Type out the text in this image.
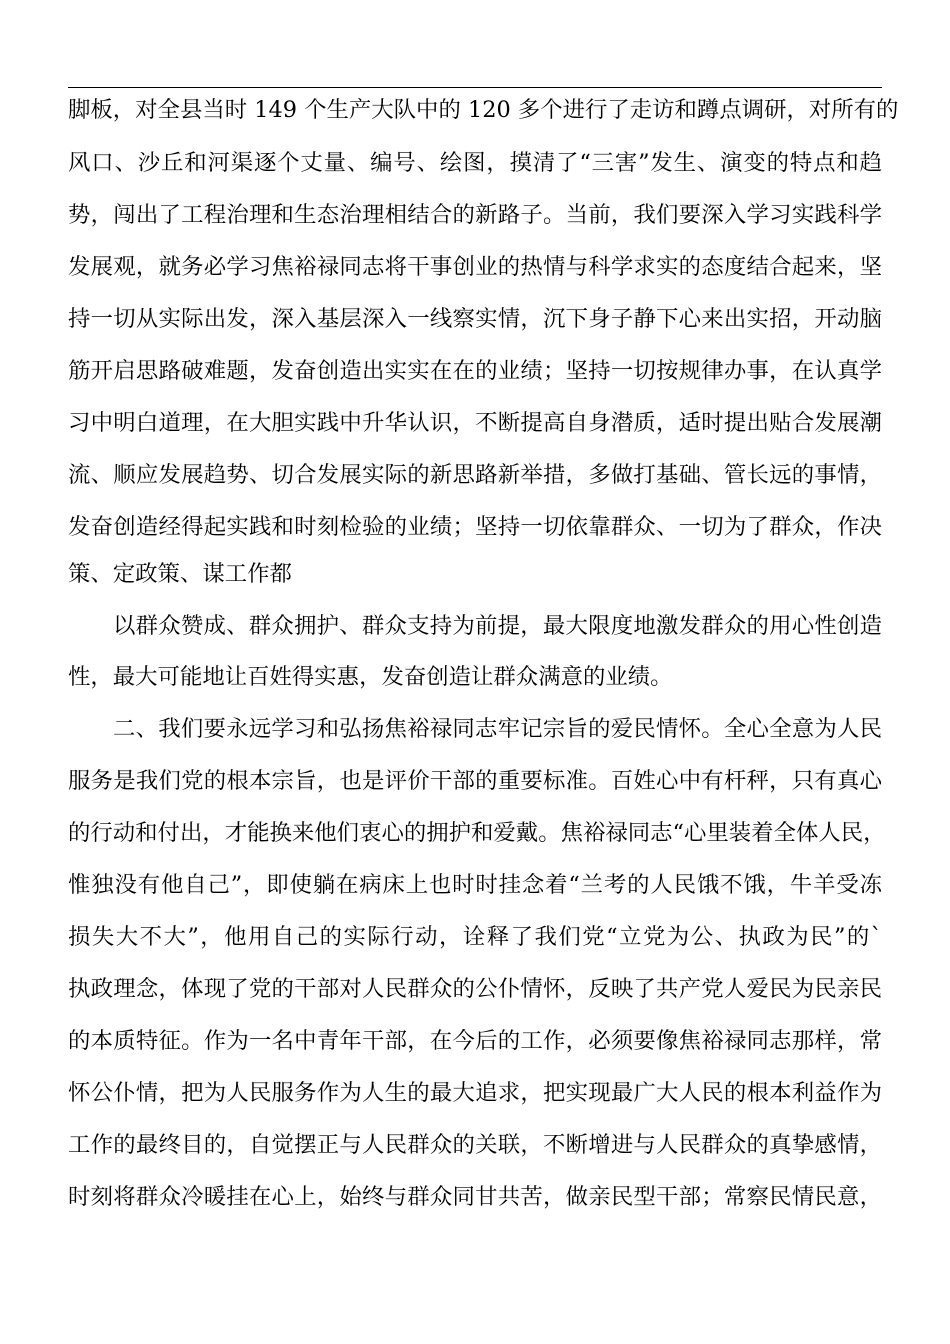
脚板，对全县当时 149 个生产大队中的 120 多个进行了走访和蹲点调研，对所有的
风口、沙丘和河渠逐个丈量、编号、绘图，摸清了“三害”发生、演变的特点和趋
势，闯出了工程治理和生态治理相结合的新路子。当前，我们要深入学习实践科学
发展观，就务必学习焦裕禄同志将干事创业的热情与科学求实的态度结合起来，坚
持一切从实际出发，深入基层深入一线察实情，沉下身子静下心来出实招，开动脑
筋开启思路破难题，发奋创造出实实在在的业绩；坚持一切按规律办事，在认真学
习中明白道理，在大胆实践中升华认识，不断提高自身潜质，适时提出贴合发展潮
流、顺应发展趋势、切合发展实际的新思路新举措，多做打基础、管长远的事情，
发奋创造经得起实践和时刻检验的业绩；坚持一切依靠群众、一切为了群众，作决
策、定政策、谋工作都
以群众赞成、群众拥护、群众支持为前提，最大限度地激发群众的用心性创造
性，最大可能地让百姓得实惠，发奋创造让群众满意的业绩。
二、我们要永远学习和弘扬焦裕禄同志牢记宗旨的爱民情怀。全心全意为人民
服务是我们党的根本宗旨，也是评价干部的重要标准。百姓心中有杆秤，只有真心
的行动和付出，才能换来他们衷心的拥护和爱戴。焦裕禄同志“心里装着全体人民，
惟独没有他自己”，即使躺在病床上也时时挂念着“兰考的人民饿不饿，牛羊受冻
损失大不大”，他用自己的实际行动，诠释了我们党“立党为公、执政为民”的`
执政理念，体现了党的干部对人民群众的公仆情怀，反映了共产党人爱民为民亲民
的本质特征。作为一名中青年干部，在今后的工作，必须要像焦裕禄同志那样，常
怀公仆情，把为人民服务作为人生的最大追求，把实现最广大人民的根本利益作为
工作的最终目的，自觉摆正与人民群众的关联，不断增进与人民群众的真挚感情，
时刻将群众冷暖挂在心上，始终与群众同甘共苦，做亲民型干部；常察民情民意，
